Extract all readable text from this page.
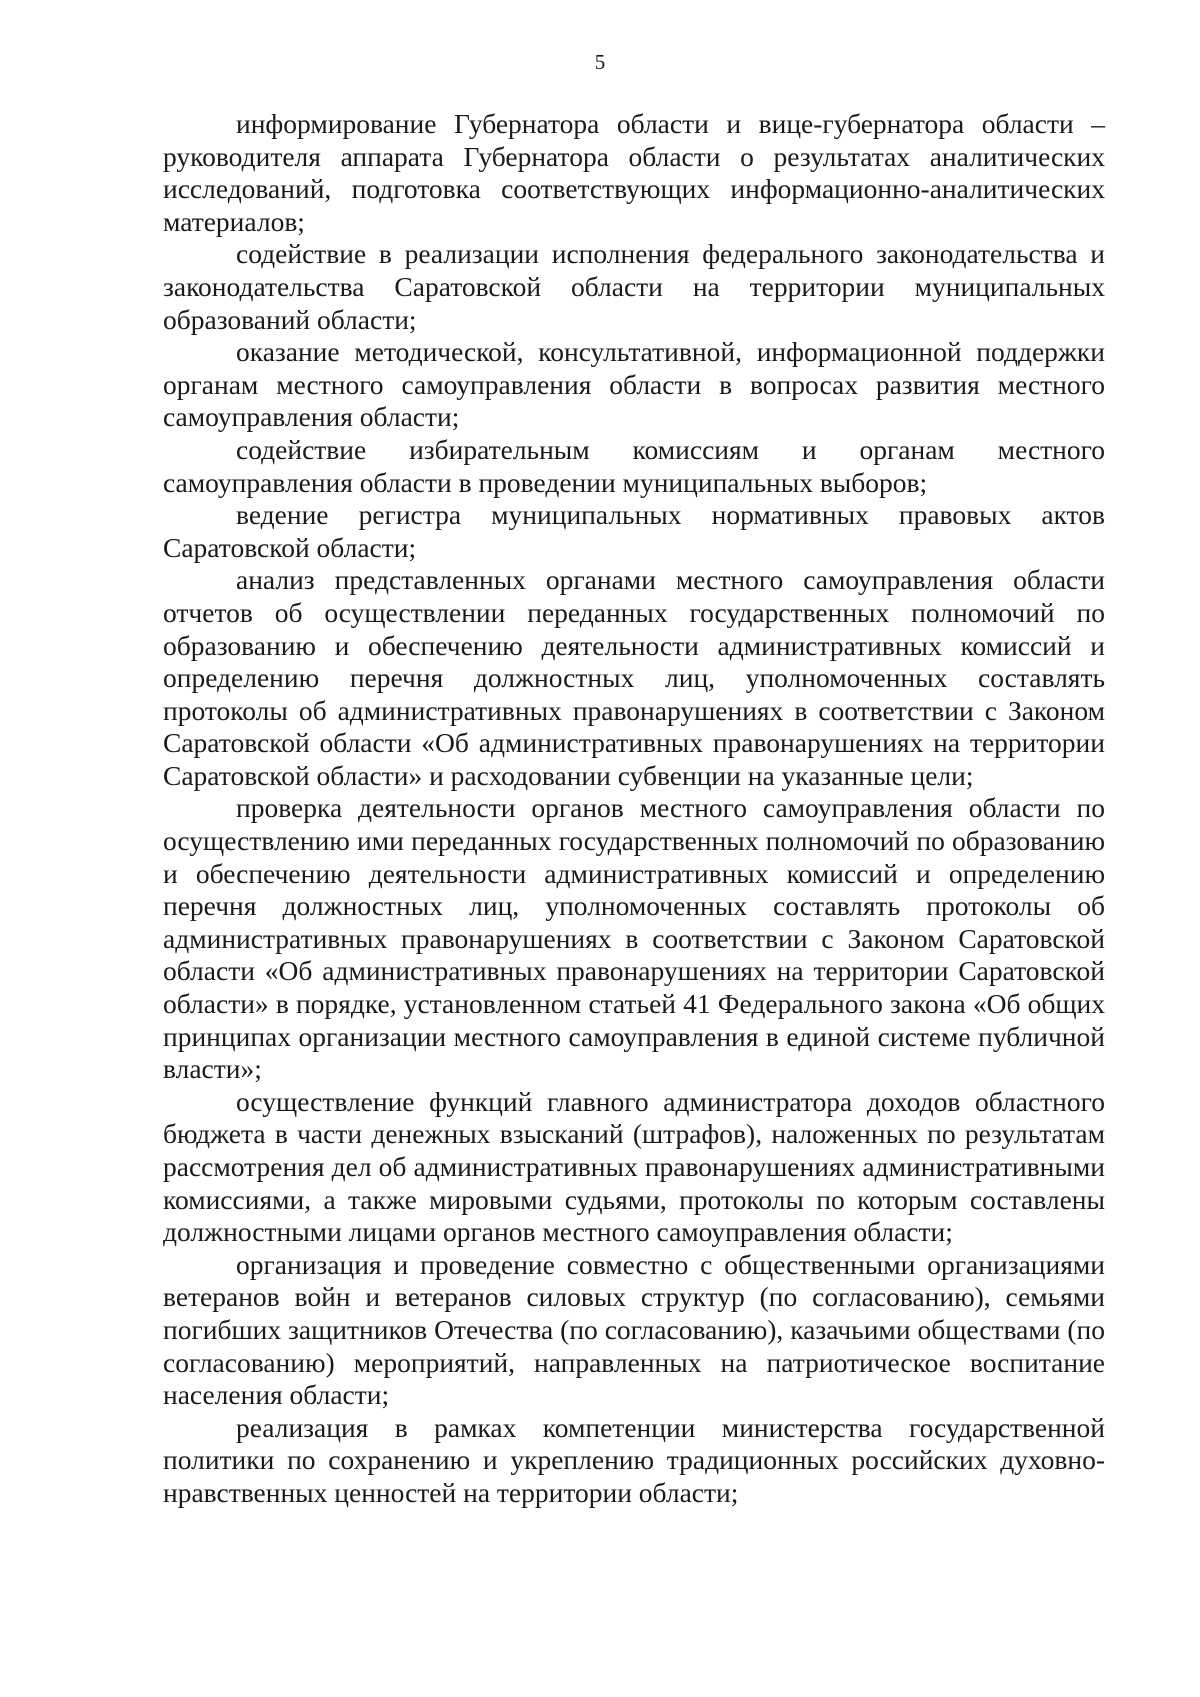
5

информирование Губернатора области и вице-губернатора области – руководителя аппарата Губернатора области о результатах аналитических исследований, подготовка соответствующих информационно-аналитических материалов;

содействие в реализации исполнения федерального законодательства и законодательства Саратовской области на территории муниципальных образований области;

оказание методической, консультативной, информационной поддержки органам местного самоуправления области в вопросах развития местного самоуправления области;

содействие избирательным комиссиям и органам местного самоуправления области в проведении муниципальных выборов;

ведение регистра муниципальных нормативных правовых актов Саратовской области;

анализ представленных органами местного самоуправления области отчетов об осуществлении переданных государственных полномочий по образованию и обеспечению деятельности административных комиссий и определению перечня должностных лиц, уполномоченных составлять протоколы об административных правонарушениях в соответствии с Законом Саратовской области «Об административных правонарушениях на территории Саратовской области» и расходовании субвенции на указанные цели;

проверка деятельности органов местного самоуправления области по осуществлению ими переданных государственных полномочий по образованию и обеспечению деятельности административных комиссий и определению перечня должностных лиц, уполномоченных составлять протоколы об административных правонарушениях в соответствии с Законом Саратовской области «Об административных правонарушениях на территории Саратовской области» в порядке, установленном статьей 41 Федерального закона «Об общих принципах организации местного самоуправления в единой системе публичной власти»;

осуществление функций главного администратора доходов областного бюджета в части денежных взысканий (штрафов), наложенных по результатам рассмотрения дел об административных правонарушениях административными комиссиями, а также мировыми судьями, протоколы по которым составлены должностными лицами органов местного самоуправления области;

организация и проведение совместно с общественными организациями ветеранов войн и ветеранов силовых структур (по согласованию), семьями погибших защитников Отечества (по согласованию), казачьими обществами (по согласованию) мероприятий, направленных на патриотическое воспитание населения области;

реализация в рамках компетенции министерства государственной политики по сохранению и укреплению традиционных российских духовно-нравственных ценностей на территории области;
